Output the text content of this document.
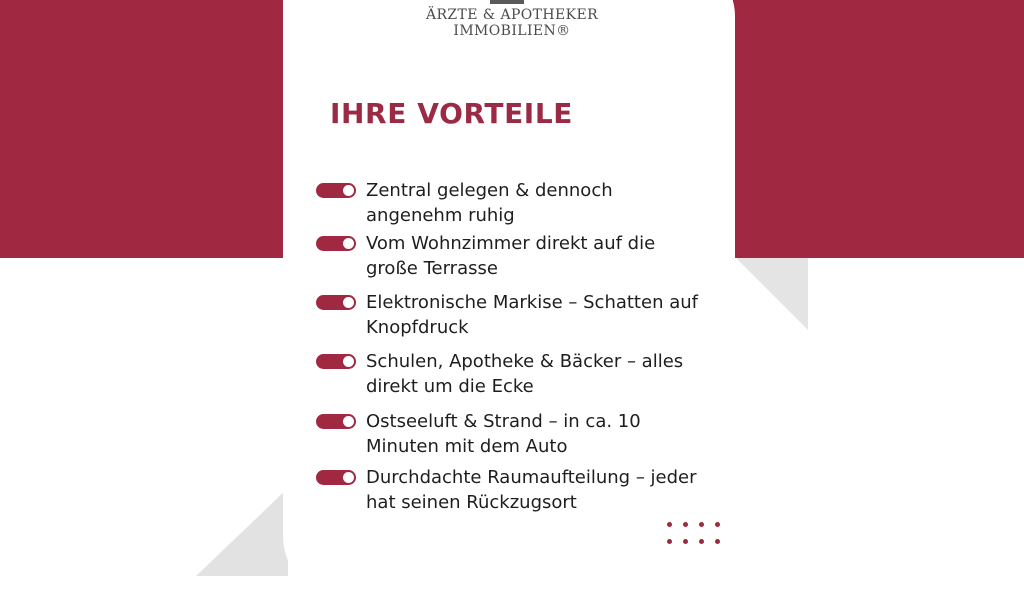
ÄRZTE & APOTHEKER
IMMOBILIEN®
IHRE VORTEILE
Zentral gelegen & dennoch
angenehm ruhig
Vom Wohnzimmer direkt auf die
große Terrasse
Elektronische Markise – Schatten auf
Knopfdruck
Schulen, Apotheke & Bäcker – alles
direkt um die Ecke
Ostseeluft & Strand – in ca. 10
Minuten mit dem Auto
Durchdachte Raumaufteilung – jeder
hat seinen Rückzugsort
